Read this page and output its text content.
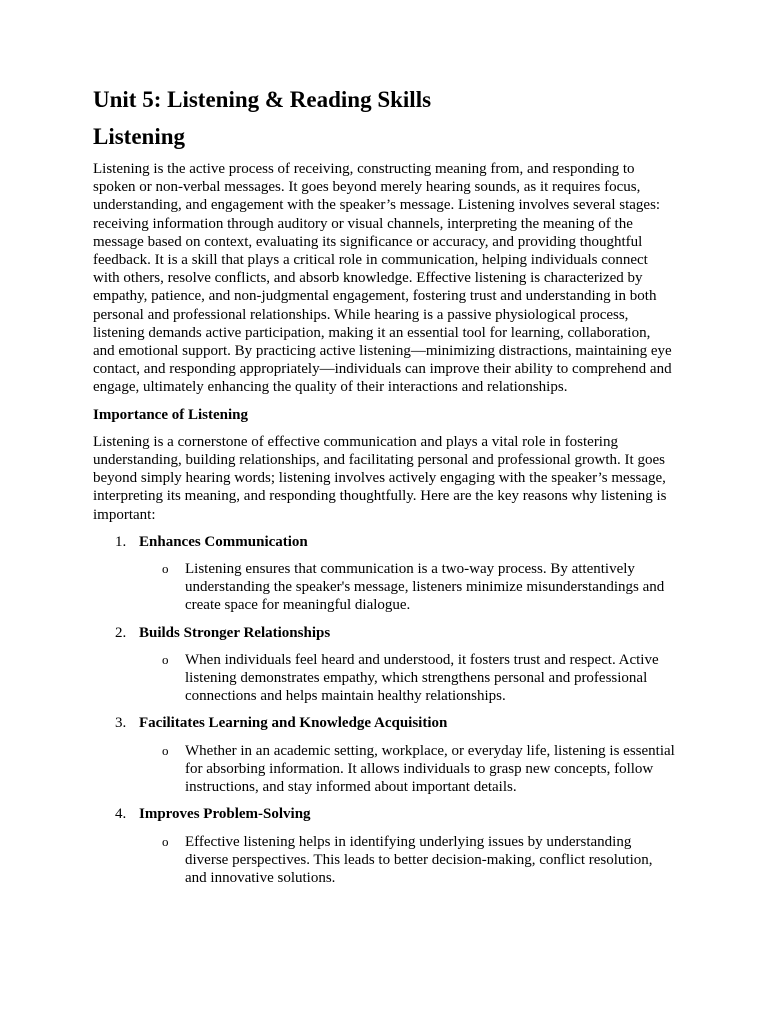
Unit 5: Listening & Reading Skills
Listening

Listening is the active process of receiving, constructing meaning from, and responding to spoken or non-verbal messages. It goes beyond merely hearing sounds, as it requires focus, understanding, and engagement with the speaker’s message. Listening involves several stages: receiving information through auditory or visual channels, interpreting the meaning of the message based on context, evaluating its significance or accuracy, and providing thoughtful feedback. It is a skill that plays a critical role in communication, helping individuals connect with others, resolve conflicts, and absorb knowledge. Effective listening is characterized by empathy, patience, and non-judgmental engagement, fostering trust and understanding in both personal and professional relationships. While hearing is a passive physiological process, listening demands active participation, making it an essential tool for learning, collaboration, and emotional support. By practicing active listening—minimizing distractions, maintaining eye contact, and responding appropriately—individuals can improve their ability to comprehend and engage, ultimately enhancing the quality of their interactions and relationships.

Importance of Listening

Listening is a cornerstone of effective communication and plays a vital role in fostering understanding, building relationships, and facilitating personal and professional growth. It goes beyond simply hearing words; listening involves actively engaging with the speaker’s message, interpreting its meaning, and responding thoughtfully. Here are the key reasons why listening is important:

1. Enhances Communication
o Listening ensures that communication is a two-way process. By attentively understanding the speaker's message, listeners minimize misunderstandings and create space for meaningful dialogue.
2. Builds Stronger Relationships
o When individuals feel heard and understood, it fosters trust and respect. Active listening demonstrates empathy, which strengthens personal and professional connections and helps maintain healthy relationships.
3. Facilitates Learning and Knowledge Acquisition
o Whether in an academic setting, workplace, or everyday life, listening is essential for absorbing information. It allows individuals to grasp new concepts, follow instructions, and stay informed about important details.
4. Improves Problem-Solving
o Effective listening helps in identifying underlying issues by understanding diverse perspectives. This leads to better decision-making, conflict resolution, and innovative solutions.
